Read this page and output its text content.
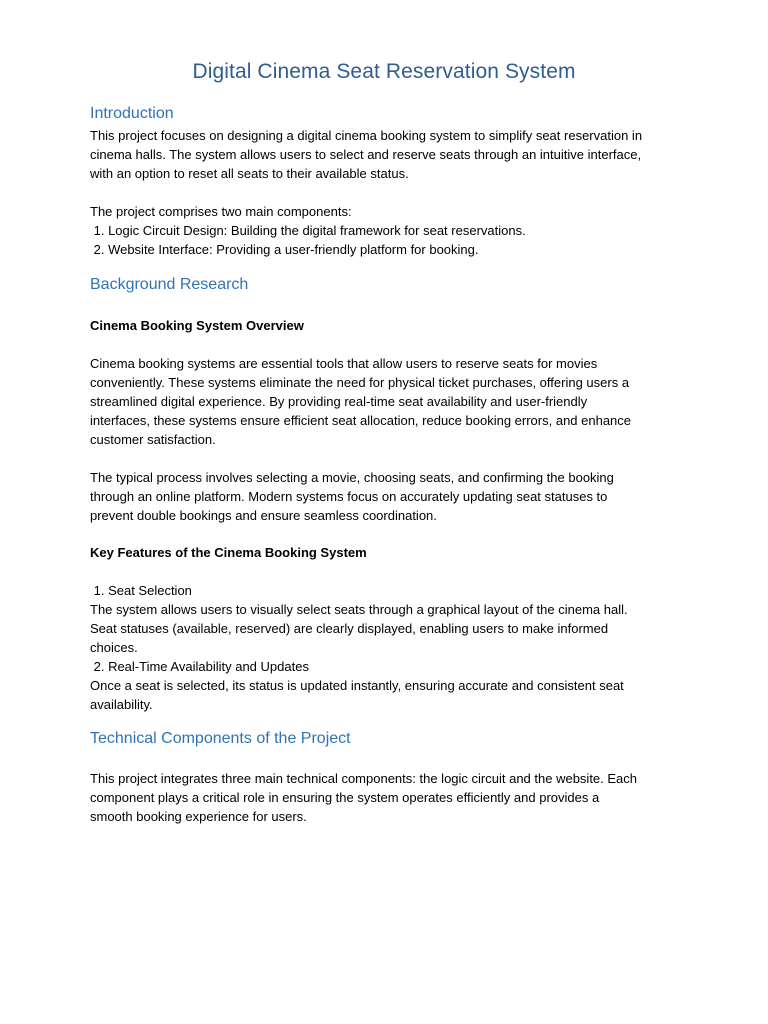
Digital Cinema Seat Reservation System
Introduction
This project focuses on designing a digital cinema booking system to simplify seat reservation in
cinema halls. The system allows users to select and reserve seats through an intuitive interface,
with an option to reset all seats to their available status.
The project comprises two main components:
1. Logic Circuit Design: Building the digital framework for seat reservations.
2. Website Interface: Providing a user-friendly platform for booking.
Background Research
Cinema Booking System Overview
Cinema booking systems are essential tools that allow users to reserve seats for movies
conveniently. These systems eliminate the need for physical ticket purchases, offering users a
streamlined digital experience. By providing real-time seat availability and user-friendly
interfaces, these systems ensure efficient seat allocation, reduce booking errors, and enhance
customer satisfaction.
The typical process involves selecting a movie, choosing seats, and confirming the booking
through an online platform. Modern systems focus on accurately updating seat statuses to
prevent double bookings and ensure seamless coordination.
Key Features of the Cinema Booking System
1. Seat Selection
The system allows users to visually select seats through a graphical layout of the cinema hall.
Seat statuses (available, reserved) are clearly displayed, enabling users to make informed
choices.
2. Real-Time Availability and Updates
Once a seat is selected, its status is updated instantly, ensuring accurate and consistent seat
availability.
Technical Components of the Project
This project integrates three main technical components: the logic circuit and the website. Each
component plays a critical role in ensuring the system operates efficiently and provides a
smooth booking experience for users.
